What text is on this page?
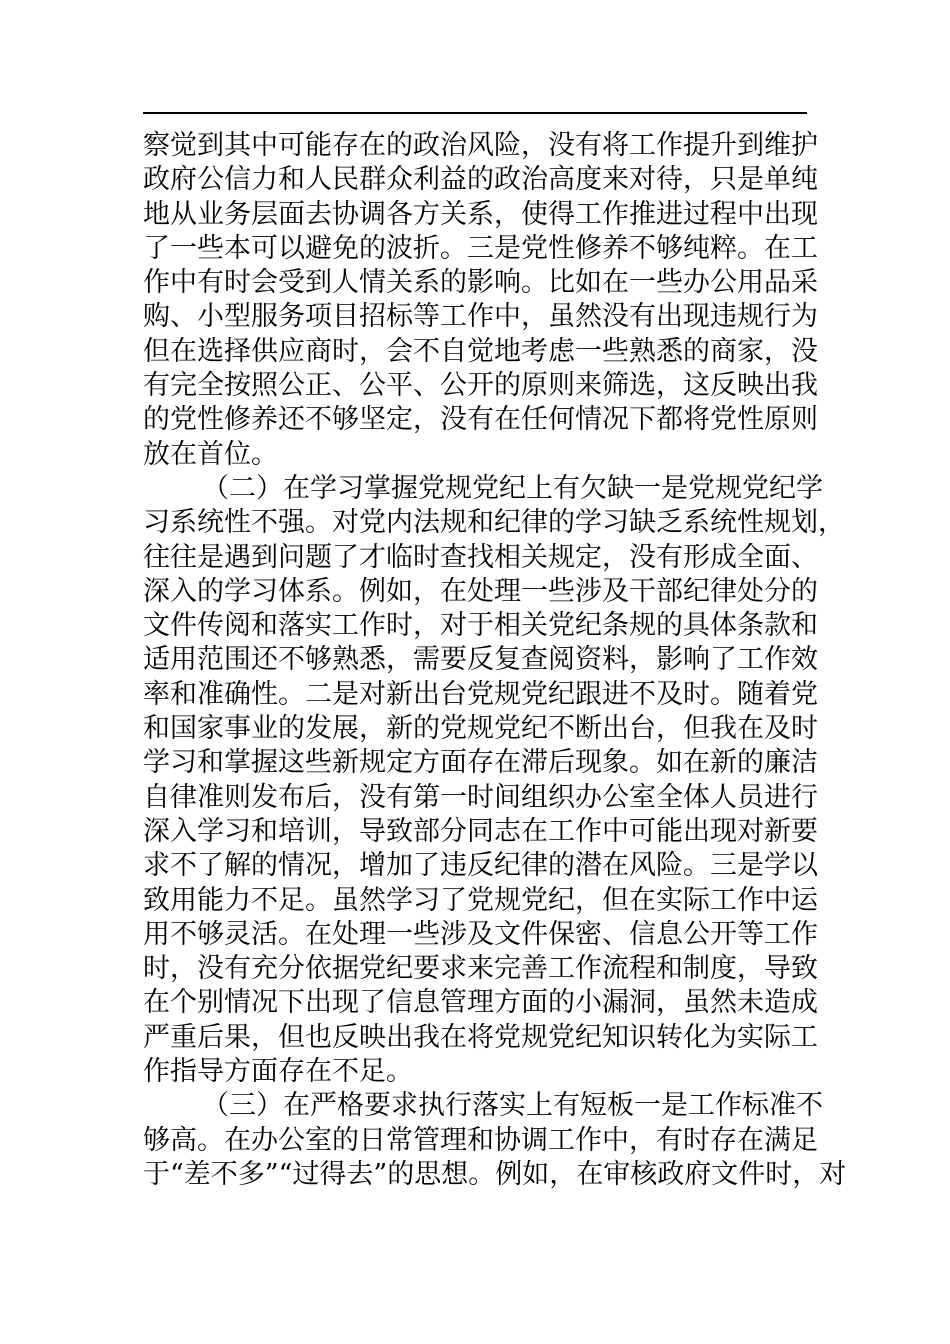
察觉到其中可能存在的政治风险，没有将工作提升到维护
政府公信力和人民群众利益的政治高度来对待，只是单纯
地从业务层面去协调各方关系，使得工作推进过程中出现
了一些本可以避免的波折。三是党性修养不够纯粹。在工
作中有时会受到人情关系的影响。比如在一些办公用品采
购、小型服务项目招标等工作中，虽然没有出现违规行为
但在选择供应商时，会不自觉地考虑一些熟悉的商家，没
有完全按照公正、公平、公开的原则来筛选，这反映出我
的党性修养还不够坚定，没有在任何情况下都将党性原则
放在首位。
（二）在学习掌握党规党纪上有欠缺一是党规党纪学
习系统性不强。对党内法规和纪律的学习缺乏系统性规划，
往往是遇到问题了才临时查找相关规定，没有形成全面、
深入的学习体系。例如，在处理一些涉及干部纪律处分的
文件传阅和落实工作时，对于相关党纪条规的具体条款和
适用范围还不够熟悉，需要反复查阅资料，影响了工作效
率和准确性。二是对新出台党规党纪跟进不及时。随着党
和国家事业的发展，新的党规党纪不断出台，但我在及时
学习和掌握这些新规定方面存在滞后现象。如在新的廉洁
自律准则发布后，没有第一时间组织办公室全体人员进行
深入学习和培训，导致部分同志在工作中可能出现对新要
求不了解的情况，增加了违反纪律的潜在风险。三是学以
致用能力不足。虽然学习了党规党纪，但在实际工作中运
用不够灵活。在处理一些涉及文件保密、信息公开等工作
时，没有充分依据党纪要求来完善工作流程和制度，导致
在个别情况下出现了信息管理方面的小漏洞，虽然未造成
严重后果，但也反映出我在将党规党纪知识转化为实际工
作指导方面存在不足。
（三）在严格要求执行落实上有短板一是工作标准不
够高。在办公室的日常管理和协调工作中，有时存在满足
于“差不多”“过得去”的思想。例如，在审核政府文件时，对
